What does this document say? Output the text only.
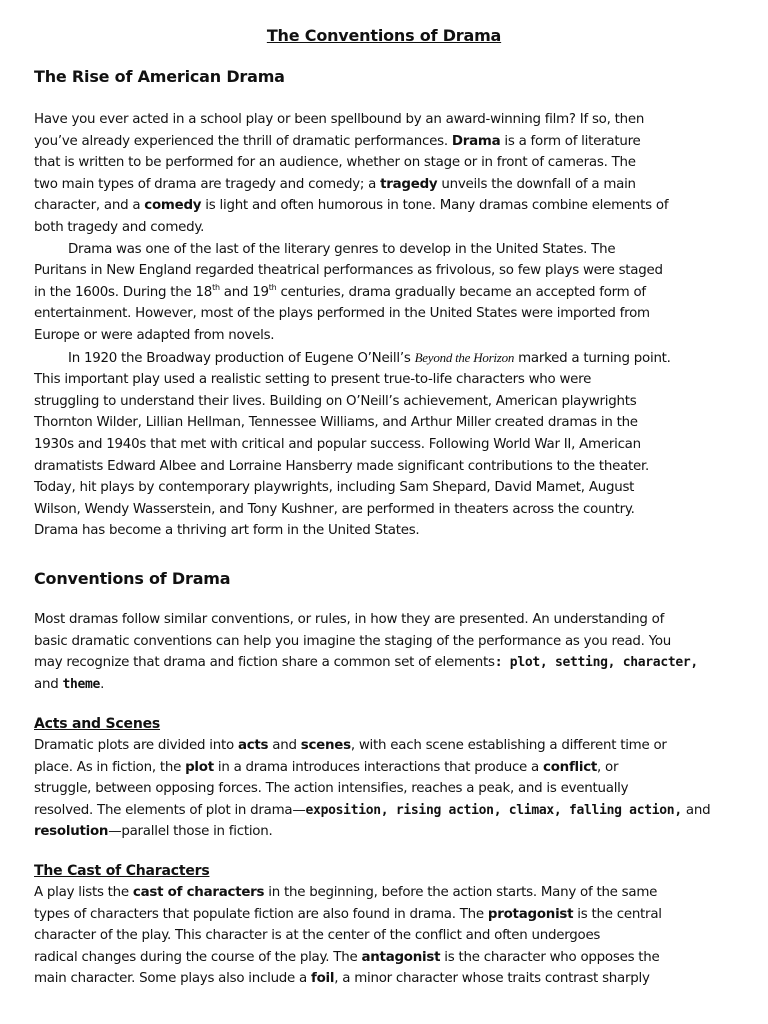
The Conventions of Drama
The Rise of American Drama
Have you ever acted in a school play or been spellbound by an award-winning film? If so, then
you’ve already experienced the thrill of dramatic performances. Drama is a form of literature
that is written to be performed for an audience, whether on stage or in front of cameras. The
two main types of drama are tragedy and comedy; a tragedy unveils the downfall of a main
character, and a comedy is light and often humorous in tone. Many dramas combine elements of
both tragedy and comedy.
Drama was one of the last of the literary genres to develop in the United States. The
Puritans in New England regarded theatrical performances as frivolous, so few plays were staged
in the 1600s. During the 18th and 19th centuries, drama gradually became an accepted form of
entertainment. However, most of the plays performed in the United States were imported from
Europe or were adapted from novels.
In 1920 the Broadway production of Eugene O’Neill’s Beyond the Horizon marked a turning point.
This important play used a realistic setting to present true-to-life characters who were
struggling to understand their lives. Building on O’Neill’s achievement, American playwrights
Thornton Wilder, Lillian Hellman, Tennessee Williams, and Arthur Miller created dramas in the
1930s and 1940s that met with critical and popular success. Following World War II, American
dramatists Edward Albee and Lorraine Hansberry made significant contributions to the theater.
Today, hit plays by contemporary playwrights, including Sam Shepard, David Mamet, August
Wilson, Wendy Wasserstein, and Tony Kushner, are performed in theaters across the country.
Drama has become a thriving art form in the United States.
Conventions of Drama
Most dramas follow similar conventions, or rules, in how they are presented. An understanding of
basic dramatic conventions can help you imagine the staging of the performance as you read. You
may recognize that drama and fiction share a common set of elements: plot, setting, character,
and theme.
Acts and Scenes
Dramatic plots are divided into acts and scenes, with each scene establishing a different time or
place. As in fiction, the plot in a drama introduces interactions that produce a conflict, or
struggle, between opposing forces. The action intensifies, reaches a peak, and is eventually
resolved. The elements of plot in drama—exposition, rising action, climax, falling action, and
resolution—parallel those in fiction.
The Cast of Characters
A play lists the cast of characters in the beginning, before the action starts. Many of the same
types of characters that populate fiction are also found in drama. The protagonist is the central
character of the play. This character is at the center of the conflict and often undergoes
radical changes during the course of the play. The antagonist is the character who opposes the
main character. Some plays also include a foil, a minor character whose traits contrast sharply
